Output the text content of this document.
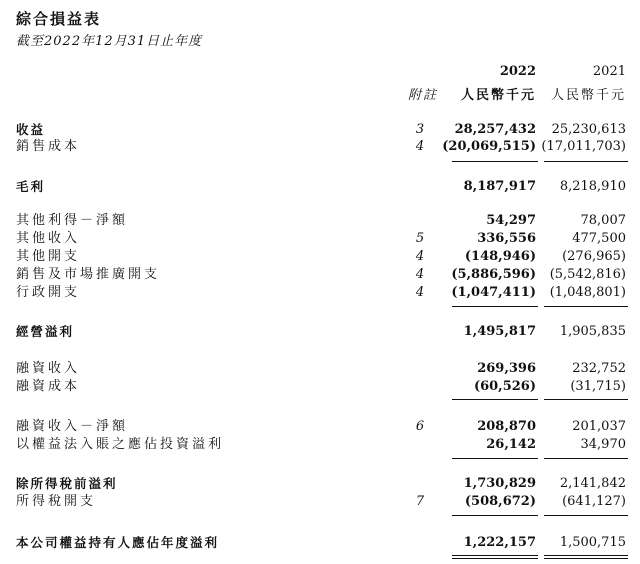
綜合損益表
截至2022年12月31日止年度
2022	2021
附註 人民幣千元 人民幣千元
收益	3	28,257,432 25,230,613
銷售成本	4	(20,069,515) (17,011,703)
毛利	8,187,917 8,218,910
其他利得－淨額	54,297	78,007
其他收入	5	336,556	477,500
其他開支	4	(148,946) (276,965)
銷售及市場推廣開支	4	(5,886,596) (5,542,816)
行政開支	4	(1,047,411) (1,048,801)
經營溢利	1,495,817 1,905,835
融資收入	269,396	232,752
融資成本	(60,526)	(31,715)
融資收入－淨額	6	208,870	201,037
以權益法入賬之應佔投資溢利	26,142	34,970
除所得稅前溢利	1,730,829 2,141,842
所得稅開支	7	(508,672) (641,127)
本公司權益持有人應佔年度溢利	1,222,157 1,500,715
